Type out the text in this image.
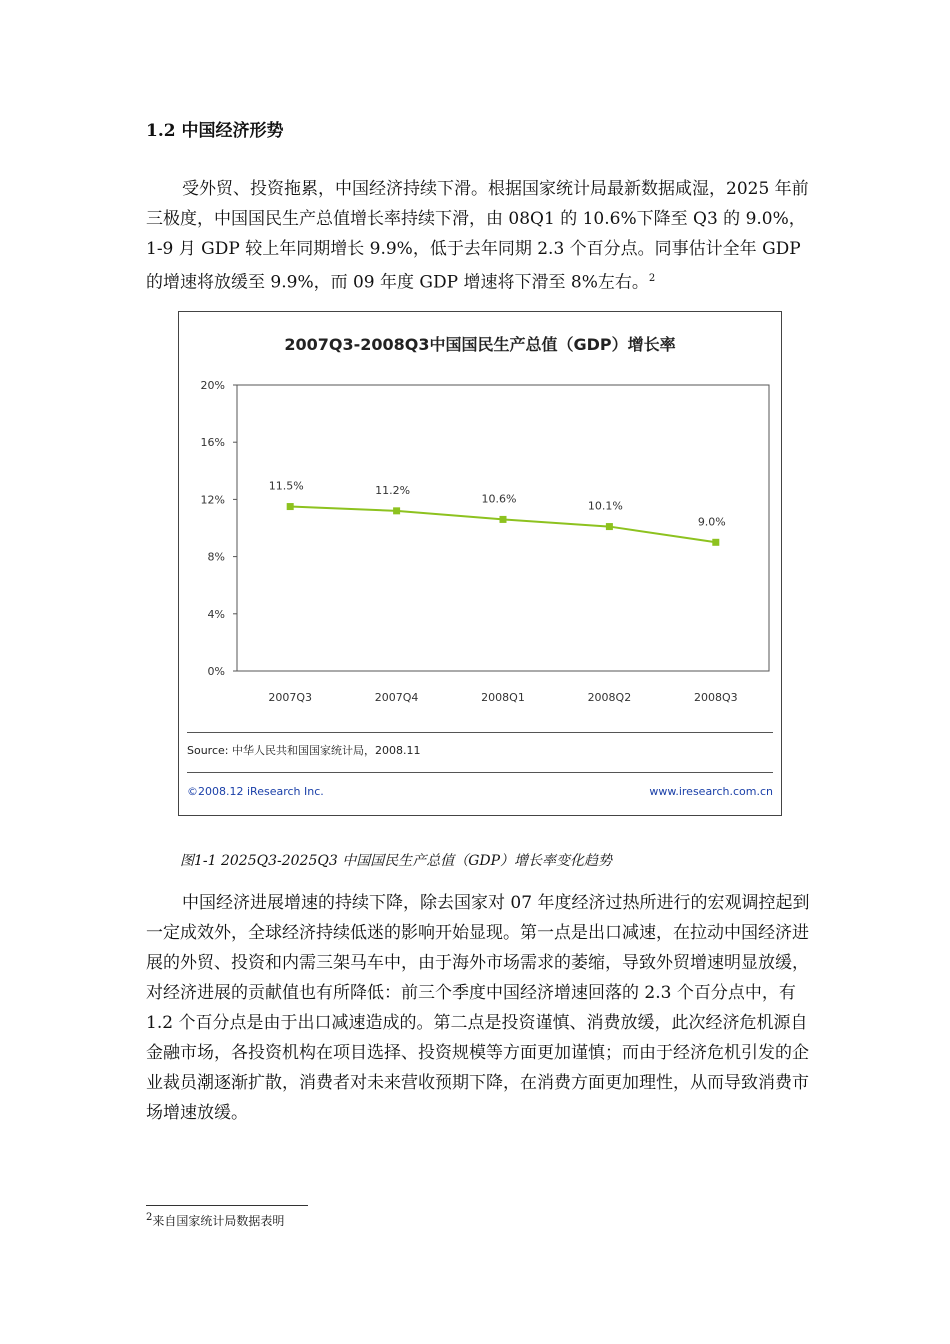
1.2 中国经济形势

受外贸、投资拖累，中国经济持续下滑。根据国家统计局最新数据咸湿，2025 年前三极度，中国国民生产总值增长率持续下滑，由 08Q1 的 10.6%下降至 Q3 的 9.0%，1-9 月 GDP 较上年同期增长 9.9%，低于去年同期 2.3 个百分点。同事估计全年 GDP 的增速将放缓至 9.9%，而 09 年度 GDP 增速将下滑至 8%左右。$^2$

2007Q3-2008Q3中国国民生产总值（GDP）增长率
0%
4%
8%
12%
16%
20%
2007Q3	2007Q4	2008Q1	2008Q2	2008Q3
11.5%	11.2%
10.6%
10.1%
9.0%
Source: 中华人民共和国国家统计局，2008.11
©2008.12 iResearch Inc.	www.iresearch.com.cn
图1-1 2025Q3-2025Q3 中国国民生产总值（GDP）增长率变化趋势

中国经济进展增速的持续下降，除去国家对 07 年度经济过热所进行的宏观调控起到一定成效外，全球经济持续低迷的影响开始显现。第一点是出口减速，在拉动中国经济进展的外贸、投资和内需三架马车中，由于海外市场需求的萎缩，导致外贸增速明显放缓，对经济进展的贡献值也有所降低：前三个季度中国经济增速回落的 2.3 个百分点中，有 1.2 个百分点是由于出口减速造成的。第二点是投资谨慎、消费放缓，此次经济危机源自金融市场，各投资机构在项目选择、投资规模等方面更加谨慎；而由于经济危机引发的企业裁员潮逐渐扩散，消费者对未来营收预期下降，在消费方面更加理性，从而导致消费市场增速放缓。

$^2$来自国家统计局数据表明
